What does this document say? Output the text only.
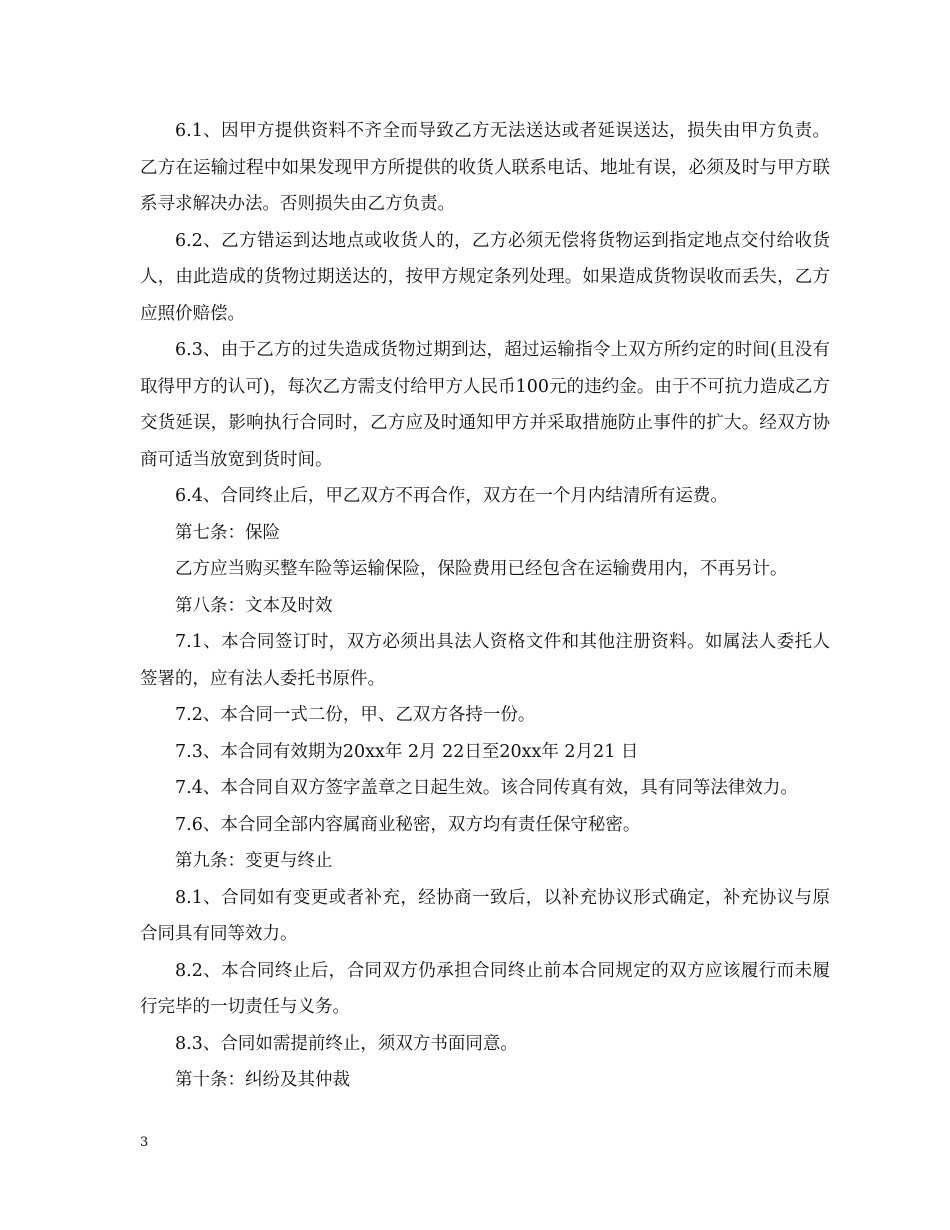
6.1、因甲方提供资料不齐全而导致乙方无法送达或者延误送达，损失由甲方负责。乙方在运输过程中如果发现甲方所提供的收货人联系电话、地址有误，必须及时与甲方联系寻求解决办法。否则损失由乙方负责。

6.2、乙方错运到达地点或收货人的，乙方必须无偿将货物运到指定地点交付给收货人，由此造成的货物过期送达的，按甲方规定条列处理。如果造成货物误收而丢失，乙方应照价赔偿。

6.3、由于乙方的过失造成货物过期到达，超过运输指令上双方所约定的时间(且没有取得甲方的认可)，每次乙方需支付给甲方人民币100元的违约金。由于不可抗力造成乙方交货延误，影响执行合同时，乙方应及时通知甲方并采取措施防止事件的扩大。经双方协商可适当放宽到货时间。

6.4、合同终止后，甲乙双方不再合作，双方在一个月内结清所有运费。

第七条：保险

乙方应当购买整车险等运输保险，保险费用已经包含在运输费用内，不再另计。

第八条：文本及时效

7.1、本合同签订时，双方必须出具法人资格文件和其他注册资料。如属法人委托人签署的，应有法人委托书原件。

7.2、本合同一式二份，甲、乙双方各持一份。

7.3、本合同有效期为20xx年 2月 22日至20xx年 2月21 日

7.4、本合同自双方签字盖章之日起生效。该合同传真有效，具有同等法律效力。

7.6、本合同全部内容属商业秘密，双方均有责任保守秘密。

第九条：变更与终止

8.1、合同如有变更或者补充，经协商一致后，以补充协议形式确定，补充协议与原合同具有同等效力。

8.2、本合同终止后，合同双方仍承担合同终止前本合同规定的双方应该履行而未履行完毕的一切责任与义务。

8.3、合同如需提前终止，须双方书面同意。

第十条：纠纷及其仲裁

3
